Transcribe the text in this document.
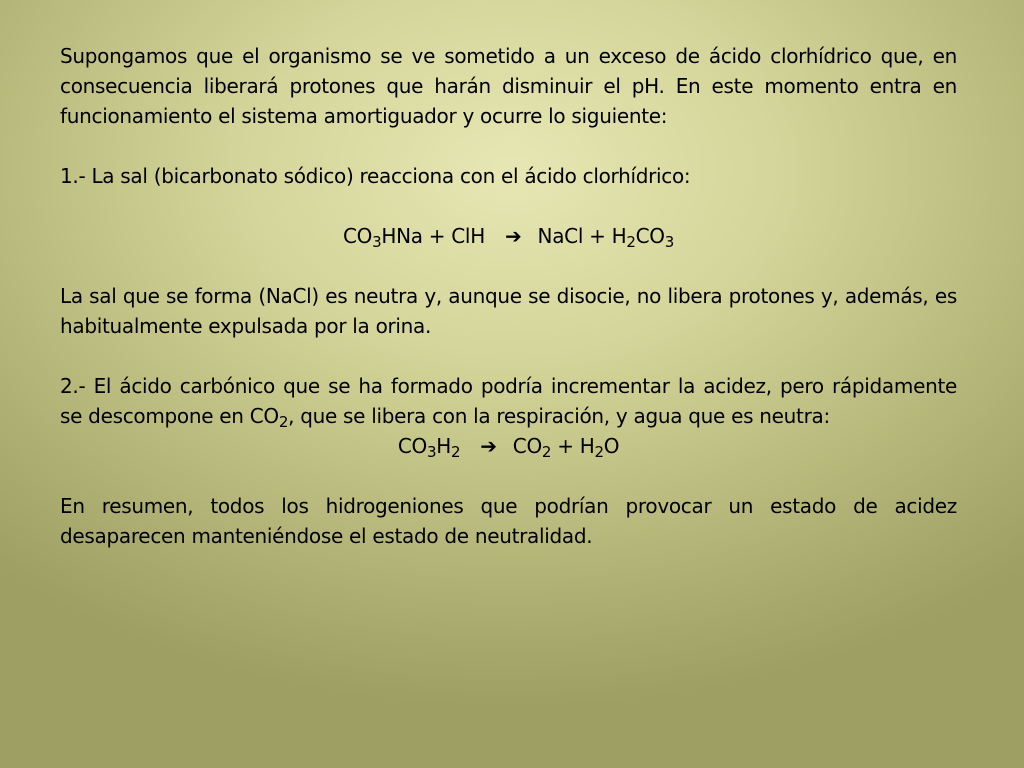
Supongamos que el organismo se ve sometido a un exceso de ácido clorhídrico que, en consecuencia liberará protones que harán disminuir el pH. En este momento entra en funcionamiento el sistema amortiguador y ocurre lo siguiente:

1.- La sal (bicarbonato sódico) reacciona con el ácido clorhídrico:

$CO_3HNa$ + ClH ➔ NaCl + $H_2CO_3$

La sal que se forma (NaCl) es neutra y, aunque se disocie, no libera protones y, además, es habitualmente expulsada por la orina.

2.- El ácido carbónico que se ha formado podría incrementar la acidez, pero rápidamente se descompone en $CO_2$, que se libera con la respiración, y agua que es neutra:

$CO_3H_2$ ➔ $CO_2 + H_2O$

En resumen, todos los hidrogeniones que podrían provocar un estado de acidez desaparecen manteniéndose el estado de neutralidad.
